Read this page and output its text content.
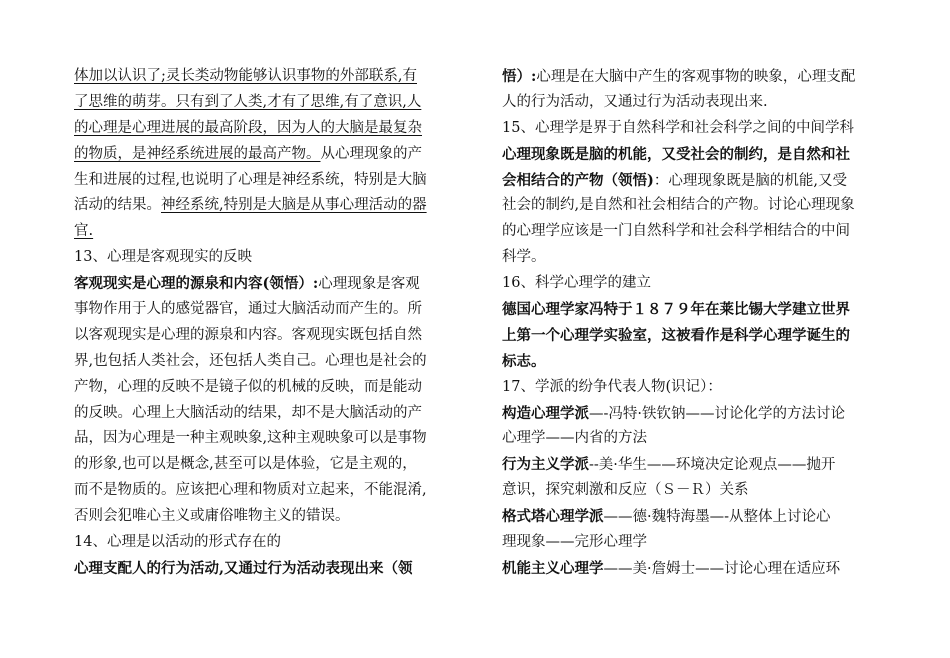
体加以认识了;灵长类动物能够认识事物的外部联系,有
了思维的萌芽。只有到了人类,才有了思维,有了意识,人
的心理是心理进展的最高阶段，因为人的大脑是最复杂
的物质，是神经系统进展的最高产物。从心理现象的产
生和进展的过程,也说明了心理是神经系统，特别是大脑
活动的结果。神经系统,特别是大脑是从事心理活动的器
官.
13、心理是客观现实的反映
客观现实是心理的源泉和内容(领悟）:心理现象是客观
事物作用于人的感觉器官，通过大脑活动而产生的。所
以客观现实是心理的源泉和内容。客观现实既包括自然
界,也包括人类社会，还包括人类自己。心理也是社会的
产物，心理的反映不是镜子似的机械的反映，而是能动
的反映。心理上大脑活动的结果，却不是大脑活动的产
品，因为心理是一种主观映象,这种主观映象可以是事物
的形象,也可以是概念,甚至可以是体验，它是主观的，
而不是物质的。应该把心理和物质对立起来，不能混淆,
否则会犯唯心主义或庸俗唯物主义的错误。
14、心理是以活动的形式存在的
心理支配人的行为活动,又通过行为活动表现出来（领
悟）:心理是在大脑中产生的客观事物的映象，心理支配
人的行为活动，又通过行为活动表现出来.
15、心理学是界于自然科学和社会科学之间的中间学科
心理现象既是脑的机能，又受社会的制约，是自然和社
会相结合的产物（领悟)：心理现象既是脑的机能,又受
社会的制约,是自然和社会相结合的产物。讨论心理现象
的心理学应该是一门自然科学和社会科学相结合的中间
科学。
16、科学心理学的建立
德国心理学家冯特于１８７９年在莱比锡大学建立世界
上第一个心理学实验室，这被看作是科学心理学诞生的
标志。
17、学派的纷争代表人物(识记）：
构造心理学派—-冯特·铁钦钠——讨论化学的方法讨论
心理学——内省的方法
行为主义学派--美·华生——环境决定论观点——抛开
意识，探究刺激和反应（Ｓ－Ｒ）关系
格式塔心理学派——德·魏特海墨—-从整体上讨论心
理现象——完形心理学
机能主义心理学——美·詹姆士——讨论心理在适应环
